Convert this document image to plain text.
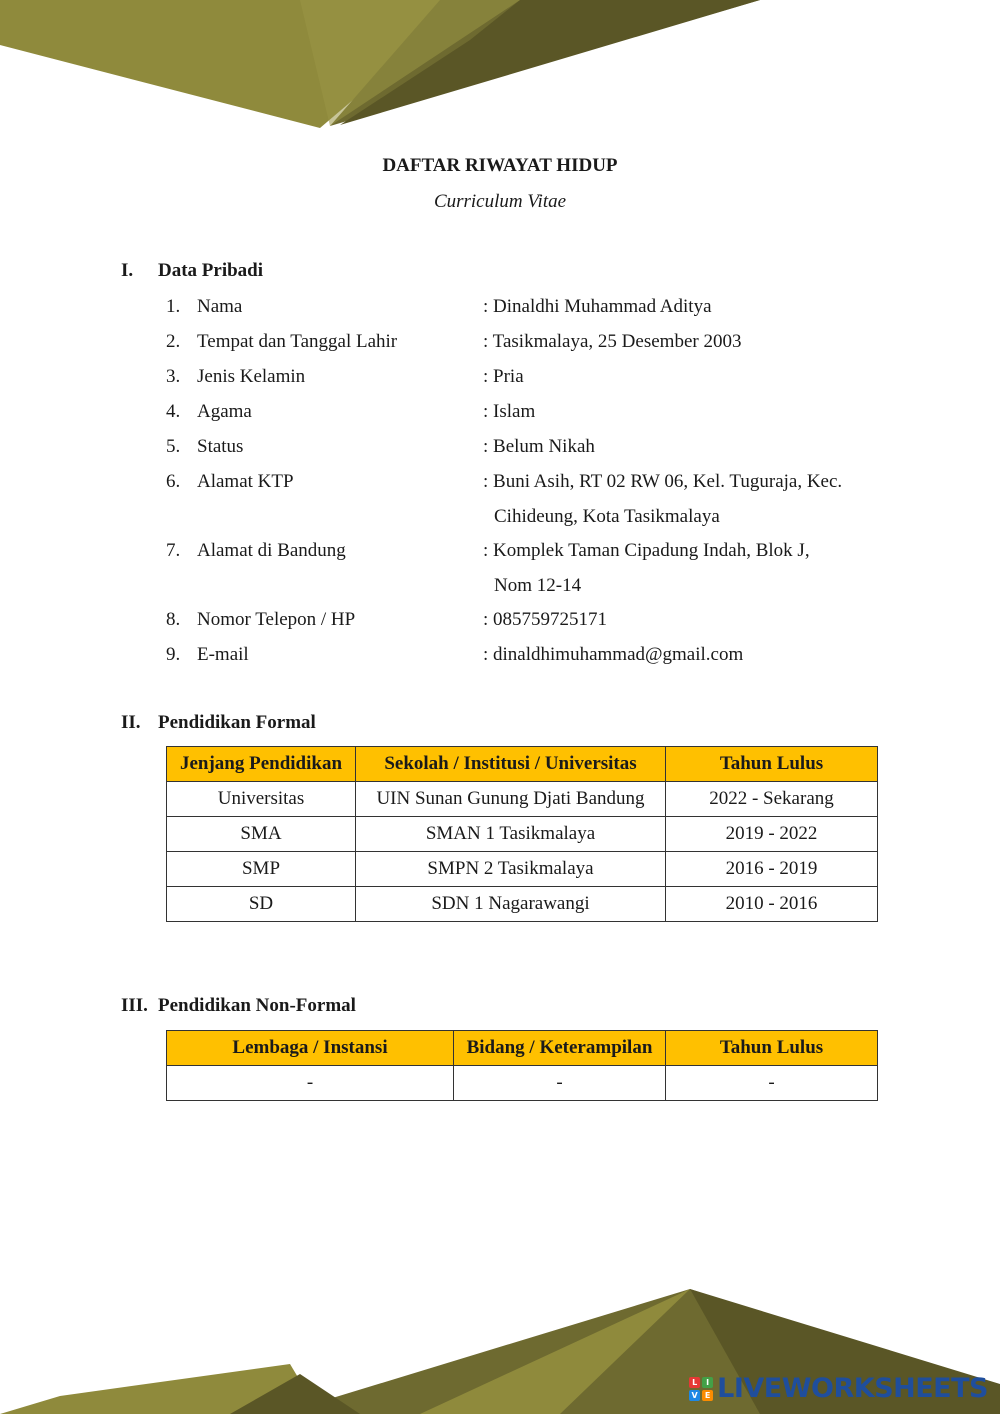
DAFTAR RIWAYAT HIDUP
Curriculum Vitae
I. Data Pribadi
1. Nama	: Dinaldhi Muhammad Aditya
2. Tempat dan Tanggal Lahir	: Tasikmalaya, 25 Desember 2003
3. Jenis Kelamin	: Pria
4. Agama	: Islam
5. Status	: Belum Nikah
6. Alamat KTP	: Buni Asih, RT 02 RW 06, Kel. Tuguraja, Kec.
Cihideung, Kota Tasikmalaya
7. Alamat di Bandung	: Komplek Taman Cipadung Indah, Blok J,
Nom 12-14
8. Nomor Telepon / HP	: 085759725171
9. E-mail	: dinaldhimuhammad@gmail.com
II. Pendidikan Formal
Jenjang Pendidikan	Sekolah / Institusi / Universitas	Tahun Lulus
Universitas	UIN Sunan Gunung Djati Bandung	2022 - Sekarang
SMA	SMAN 1 Tasikmalaya	2019 - 2022
SMP	SMPN 2 Tasikmalaya	2016 - 2019
SD	SDN 1 Nagarawangi	2010 - 2016
III. Pendidikan Non-Formal
Lembaga / Instansi	Bidang / Keterampilan	Tahun Lulus
-	-	-
L	I
V E LIVEWORKSHEETS
